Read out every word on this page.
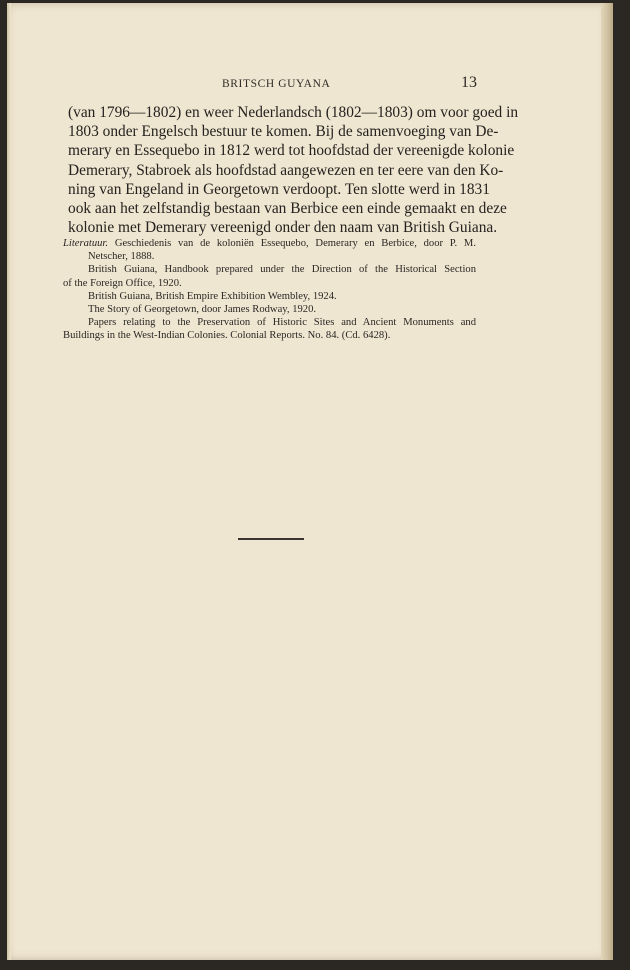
BRITSCH GUYANA	13
(van 1796—1802) en weer Nederlandsch (1802—1803) om voor goed in
1803 onder Engelsch bestuur te komen. Bij de samenvoeging van De-
merary en Essequebo in 1812 werd tot hoofdstad der vereenigde kolonie
Demerary, Stabroek als hoofdstad aangewezen en ter eere van den Ko-
ning van Engeland in Georgetown verdoopt. Ten slotte werd in 1831
ook aan het zelfstandig bestaan van Berbice een einde gemaakt en deze
kolonie met Demerary vereenigd onder den naam van British Guiana.
Literatuur. Geschiedenis van de koloniën Essequebo, Demerary en Berbice, door P. M.
Netscher, 1888.
British Guiana, Handbook prepared under the Direction of the Historical Section
of the Foreign Office, 1920.
British Guiana, British Empire Exhibition Wembley, 1924.
The Story of Georgetown, door James Rodway, 1920.
Papers relating to the Preservation of Historic Sites and Ancient Monuments and
Buildings in the West-Indian Colonies. Colonial Reports. No. 84. (Cd. 6428).
